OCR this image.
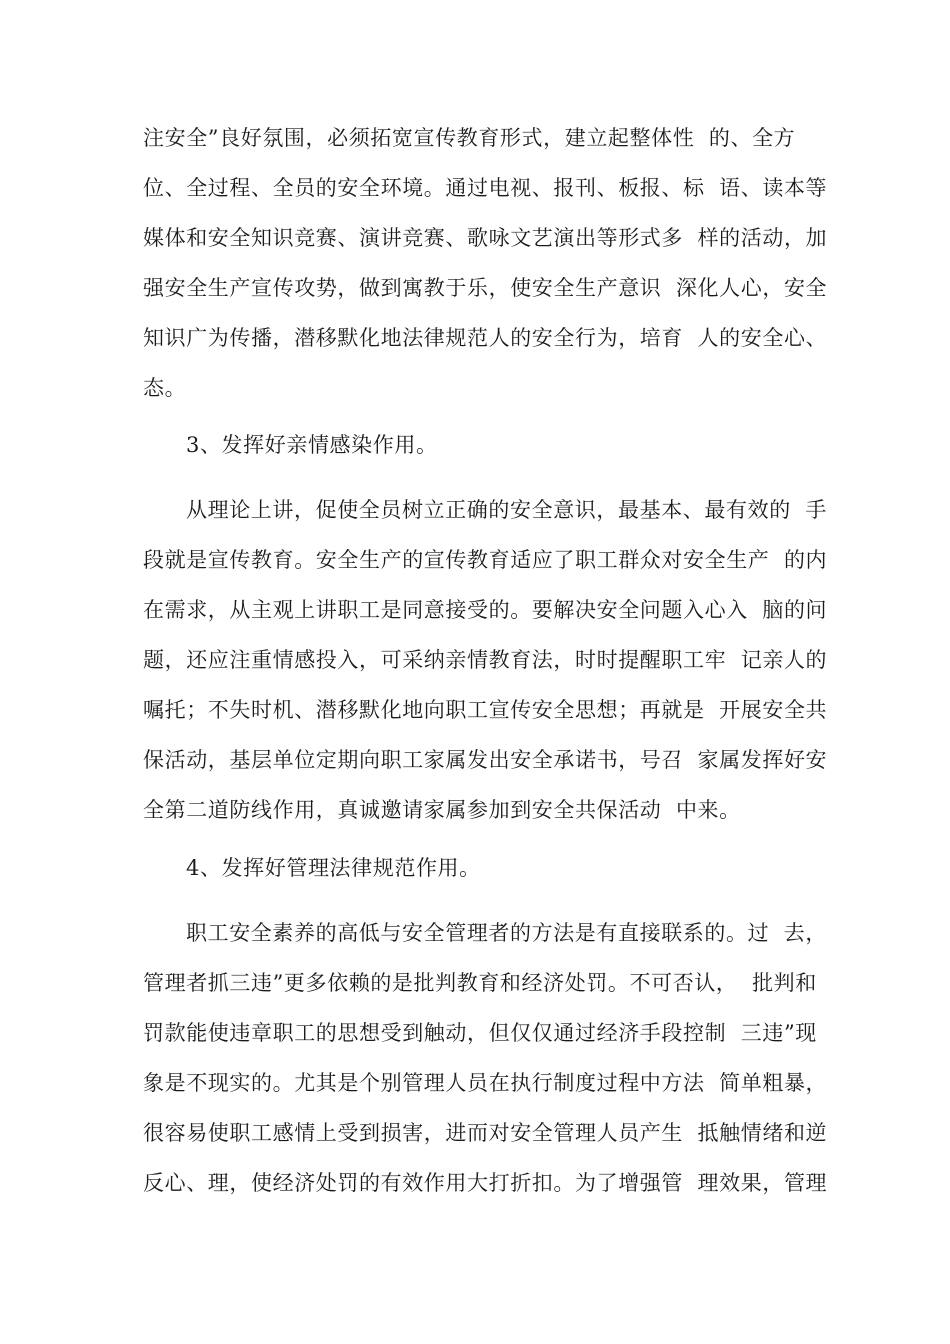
注安全”良好氛围，必须拓宽宣传教育形式，建立起整体性  的、全方
位、全过程、全员的安全环境。通过电视、报刊、板报、标  语、读本等
媒体和安全知识竞赛、演讲竞赛、歌咏文艺演出等形式多  样的活动，加
强安全生产宣传攻势，做到寓教于乐，使安全生产意识  深化人心，安全
知识广为传播，潜移默化地法律规范人的安全行为，培育  人的安全心、
态。
3、发挥好亲情感染作用。
从理论上讲，促使全员树立正确的安全意识，最基本、最有效的  手
段就是宣传教育。安全生产的宣传教育适应了职工群众对安全生产  的内
在需求，从主观上讲职工是同意接受的。要解决安全问题入心入  脑的问
题，还应注重情感投入，可采纳亲情教育法，时时提醒职工牢  记亲人的
嘱托；不失时机、潜移默化地向职工宣传安全思想；再就是  开展安全共
保活动，基层单位定期向职工家属发出安全承诺书，号召  家属发挥好安
全第二道防线作用，真诚邀请家属参加到安全共保活动  中来。
4、发挥好管理法律规范作用。
职工安全素养的高低与安全管理者的方法是有直接联系的。过  去，
管理者抓三违”更多依赖的是批判教育和经济处罚。不可否认，  批判和
罚款能使违章职工的思想受到触动，但仅仅通过经济手段控制  三违”现
象是不现实的。尤其是个别管理人员在执行制度过程中方法  简单粗暴，
很容易使职工感情上受到损害，进而对安全管理人员产生  抵触情绪和逆
反心、理，使经济处罚的有效作用大打折扣。为了增强管  理效果，管理
